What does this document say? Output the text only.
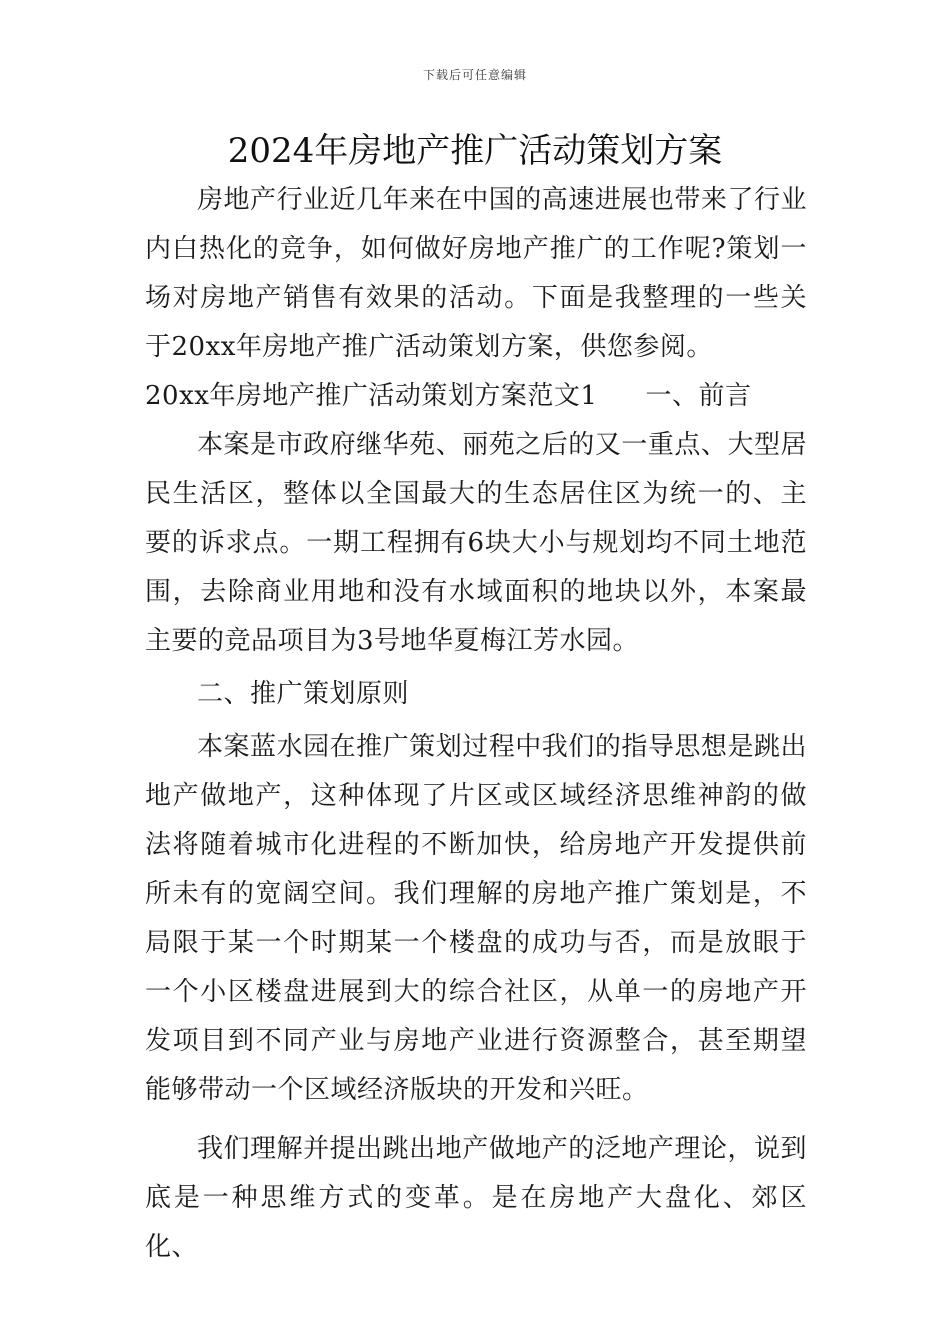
下载后可任意编辑
2024年房地产推广活动策划方案

房地产行业近几年来在中国的高速进展也带来了行业内白热化的竞争，如何做好房地产推广的工作呢?策划一场对房地产销售有效果的活动。下面是我整理的一些关于20xx年房地产推广活动策划方案，供您参阅。

20xx年房地产推广活动策划方案范文1 一、前言

本案是市政府继华苑、丽苑之后的又一重点、大型居民生活区，整体以全国最大的生态居住区为统一的、主要的诉求点。一期工程拥有6块大小与规划均不同土地范围，去除商业用地和没有水域面积的地块以外，本案最主要的竞品项目为3号地华夏梅江芳水园。

二、推广策划原则

本案蓝水园在推广策划过程中我们的指导思想是跳出地产做地产，这种体现了片区或区域经济思维神韵的做法将随着城市化进程的不断加快，给房地产开发提供前所未有的宽阔空间。我们理解的房地产推广策划是，不局限于某一个时期某一个楼盘的成功与否，而是放眼于一个小区楼盘进展到大的综合社区，从单一的房地产开发项目到不同产业与房地产业进行资源整合，甚至期望能够带动一个区域经济版块的开发和兴旺。

我们理解并提出跳出地产做地产的泛地产理论，说到底是一种思维方式的变革。是在房地产大盘化、郊区化、
